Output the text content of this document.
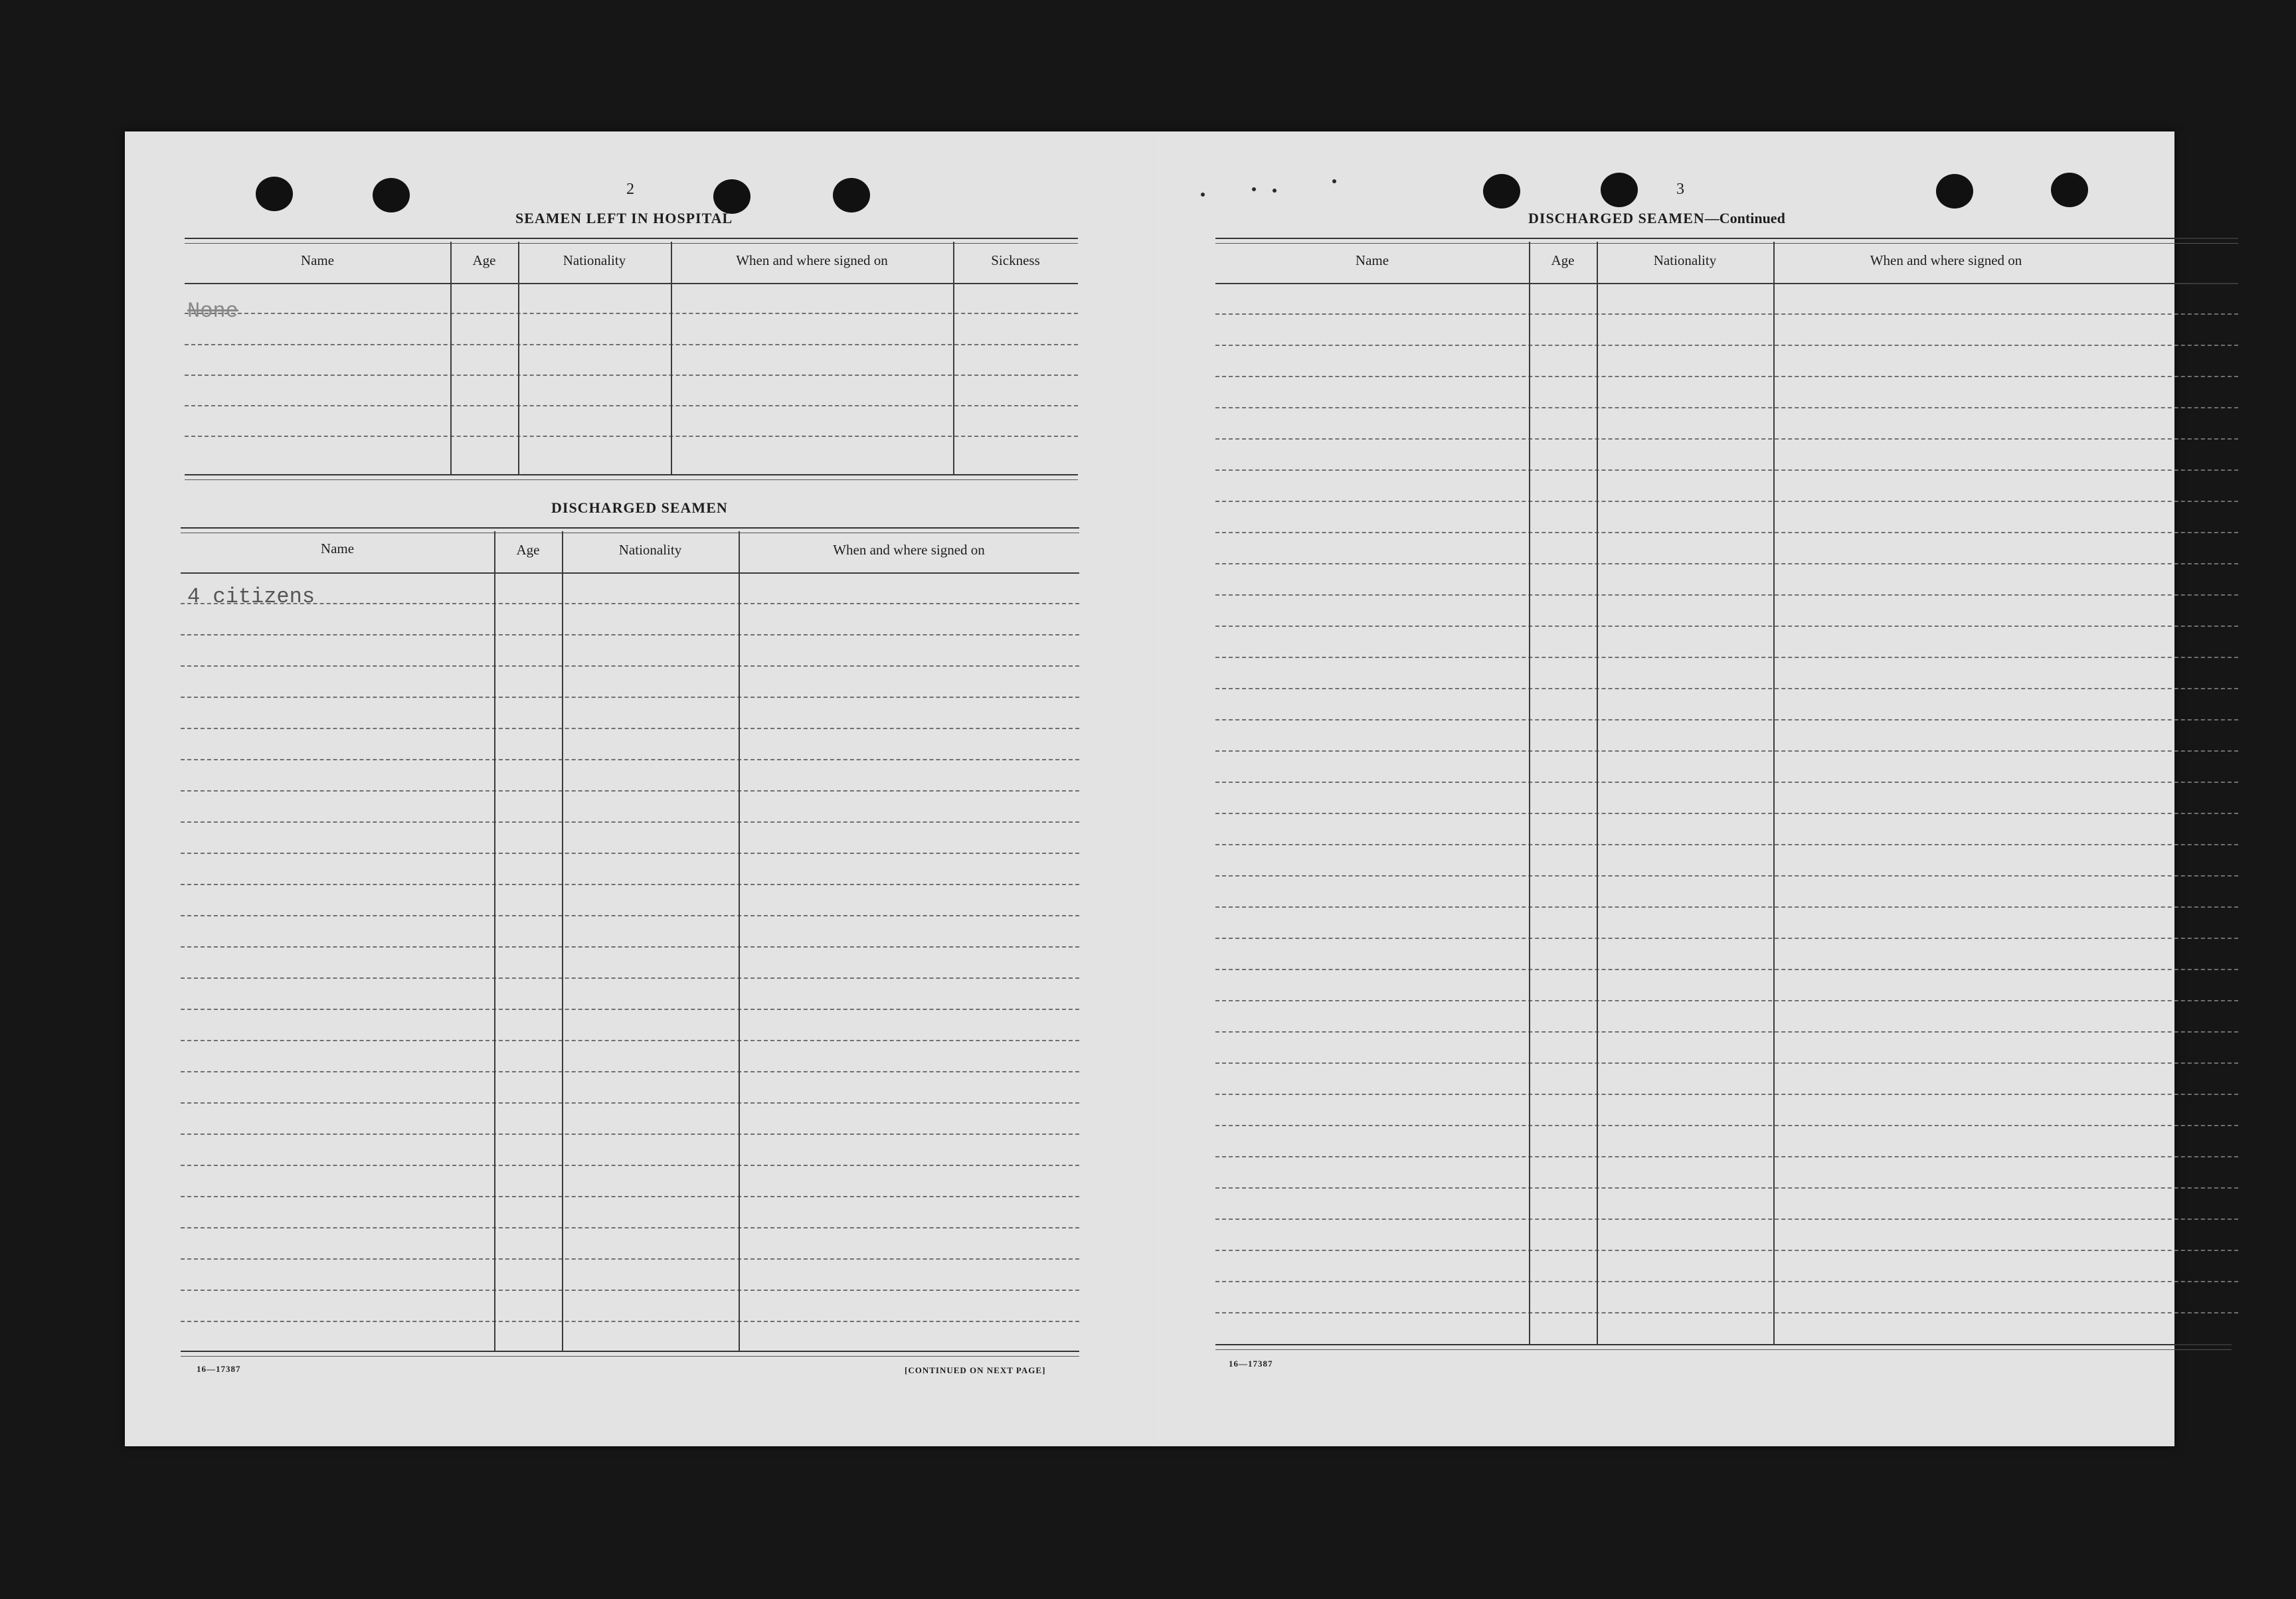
2
SEAMEN LEFT IN HOSPITAL
Name	Age	Nationality	When and where signed on	Sickness
None
DISCHARGED SEAMEN
Name	Age	Nationality	When and where signed on
4 citizens
16—17387	[CONTINUED ON NEXT PAGE]
3
DISCHARGED SEAMEN—Continued
Name	Age	Nationality	When and where signed on
16—17387
